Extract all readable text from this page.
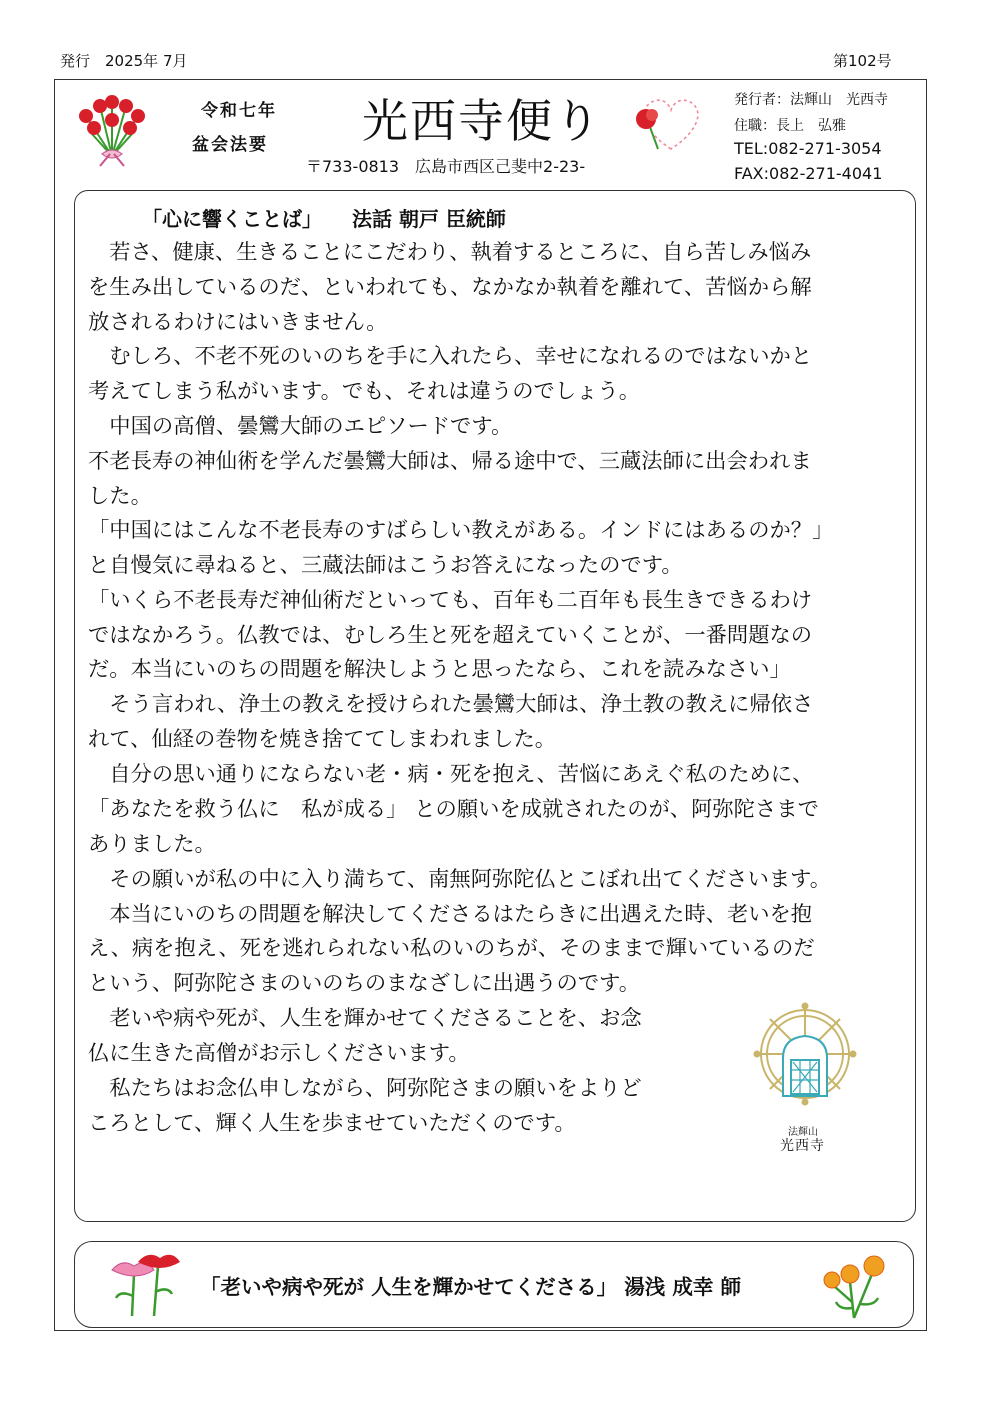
発行　2025年 7月	第102号
令和七年
盆会法要 光西寺便り
〒733-0813　広島市西区己斐中2-23-
発行者：法輝山　光西寺
住職：長上　弘雅
TEL:082-271-3054
FAX:082-271-4041
「心に響くことば」　　法話 朝戸 臣統師
　若さ、健康、生きることにこだわり、執着するところに、自ら苦しみ悩み
を生み出しているのだ、といわれても、なかなか執着を離れて、苦悩から解
放されるわけにはいきません。
　むしろ、不老不死のいのちを手に入れたら、幸せになれるのではないかと
考えてしまう私がいます。でも、それは違うのでしょう。
　中国の高僧、曇鸞大師のエピソードです。
不老長寿の神仙術を学んだ曇鸞大師は、帰る途中で、三蔵法師に出会われま
した。
「中国にはこんな不老長寿のすばらしい教えがある。インドにはあるのか？」
と自慢気に尋ねると、三蔵法師はこうお答えになったのです。
「いくら不老長寿だ神仙術だといっても、百年も二百年も長生きできるわけ
ではなかろう。仏教では、むしろ生と死を超えていくことが、一番問題なの
だ。本当にいのちの問題を解決しようと思ったなら、これを読みなさい」
　そう言われ、浄土の教えを授けられた曇鸞大師は、浄土教の教えに帰依さ
れて、仙経の巻物を焼き捨ててしまわれました。
　自分の思い通りにならない老・病・死を抱え、苦悩にあえぐ私のために、
「あなたを救う仏に　私が成る」 との願いを成就されたのが、阿弥陀さまで
ありました。
　その願いが私の中に入り満ちて、南無阿弥陀仏とこぼれ出てくださいます。
　本当にいのちの問題を解決してくださるはたらきに出遇えた時、老いを抱
え、病を抱え、死を逃れられない私のいのちが、そのままで輝いているのだ
という、阿弥陀さまのいのちのまなざしに出遇うのです。
　老いや病や死が、人生を輝かせてくださることを、お念
仏に生きた高僧がお示しくださいます。
　私たちはお念仏申しながら、阿弥陀さまの願いをよりど
ころとして、輝く人生を歩ませていただくのです。	法輝山
光西寺
「老いや病や死が 人生を輝かせてくださる」 湯浅 成幸 師
